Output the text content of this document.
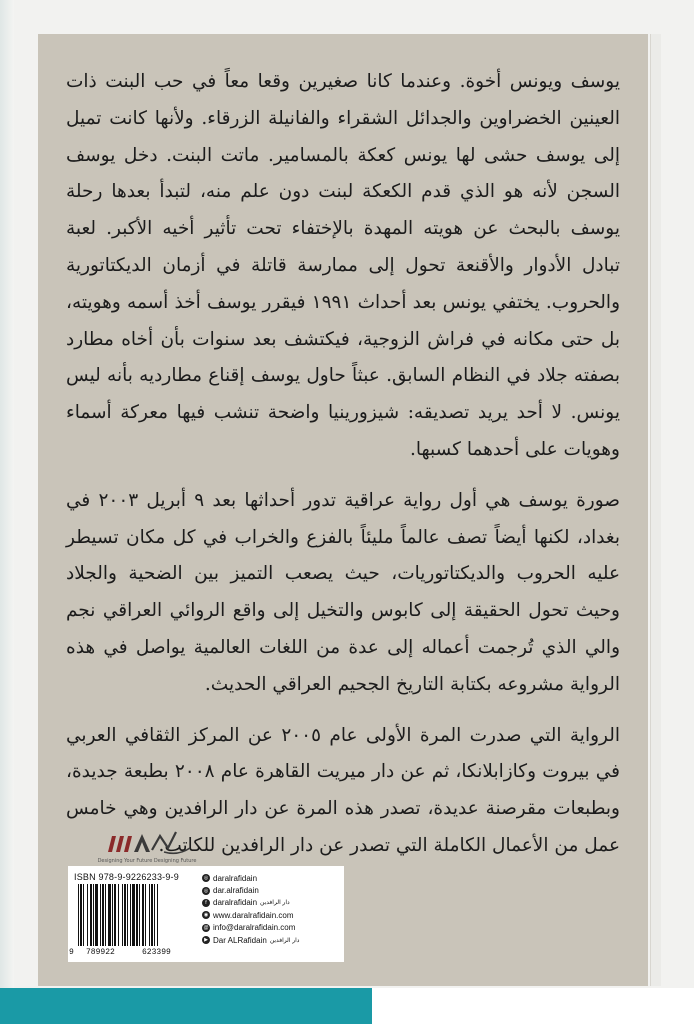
يوسف ويونس أخوة. وعندما كانا صغيرين وقعا معاً في حب البنت ذات العينين الخضراوين والجدائل الشقراء والفانيلة الزرقاء. ولأنها كانت تميل إلى يوسف حشى لها يونس كعكة بالمسامير. ماتت البنت. دخل يوسف السجن لأنه هو الذي قدم الكعكة لبنت دون علم منه، لتبدأ بعدها رحلة يوسف بالبحث عن هويته المهدة بالإختفاء تحت تأثير أخيه الأكبر. لعبة تبادل الأدوار والأقنعة تحول إلى ممارسة قاتلة في أزمان الديكتاتورية والحروب. يختفي يونس بعد أحداث ١٩٩١ فيقرر يوسف أخذ أسمه وهويته، بل حتى مكانه في فراش الزوجية، فيكتشف بعد سنوات بأن أخاه مطارد بصفته جلاد في النظام السابق. عبثاً حاول يوسف إقناع مطارديه بأنه ليس يونس. لا أحد يريد تصديقه: شيزورينيا واضحة تنشب فيها معركة أسماء وهويات على أحدهما كسبها.

صورة يوسف هي أول رواية عراقية تدور أحداثها بعد ٩ أبريل ٢٠٠٣ في بغداد، لكنها أيضاً تصف عالماً مليئاً بالفزع والخراب في كل مكان تسيطر عليه الحروب والديكتاتوريات، حيث يصعب التميز بين الضحية والجلاد وحيث تحول الحقيقة إلى كابوس والتخيل إلى واقع الروائي العراقي نجم والي الذي تُرجمت أعماله إلى عدة من اللغات العالمية يواصل في هذه الرواية مشروعه بكتابة التاريخ الجحيم العراقي الحديث.

الرواية التي صدرت المرة الأولى عام ٢٠٠٥ عن المركز الثقافي العربي في بيروت وكازابلانكا، ثم عن دار ميريت القاهرة عام ٢٠٠٨ بطبعة جديدة، وبطبعات مقرصنة عديدة، تصدر هذه المرة عن دار الرافدين وهي خامس عمل من الأعمال الكاملة التي تصدر عن دار الرافدين للكاتب.

Designing Your Future Designing Future
ISBN 978-9-9226233-9-9
9 789922	623399
◎ daralrafidain
◎ dar.alrafidain
f daralrafidain دار الرافدين
◉ www.daralrafidain.com
@ info@daralrafidain.com
▶ Dar ALRafidain دار الرافدين
